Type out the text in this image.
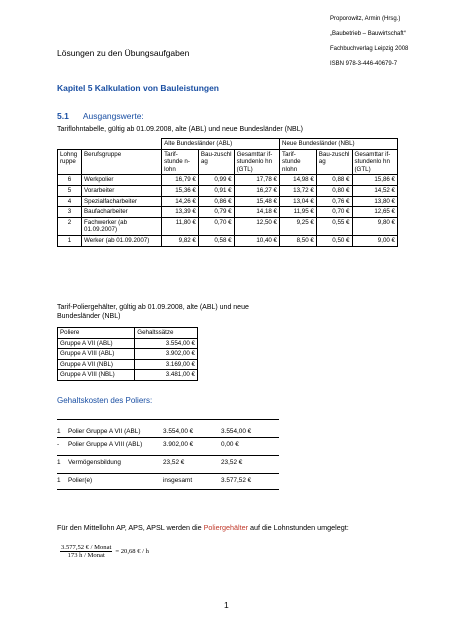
Proporowitz, Armin (Hrsg.)

„Baubetrieb – Bauwirtschaft“

Fachbuchverlag Leipzig 2008

ISBN 978-3-446-40679-7

Lösungen zu den Übungsaufgaben
Kapitel 5 Kalkulation von Bauleistungen
5.1 Ausgangswerte:
Tariflohntabelle, gültig ab 01.09.2008, alte (ABL) und neue Bundesländer (NBL)
		Alte Bundesländer (ABL)			Neue Bundesländer (NBL)		
Lohng ruppe	Berufsgruppe	Tarif-stunde n-lohn	Bau-zuschl ag	Gesamttar if-stundenlo hn (GTL)	Tarif-stunde nlohn	Bau-zuschl ag	Gesamttar if-stundenlo hn (GTL)
6	Werkpolier	16,79 €	0,99 €	17,78 €	14,98 €	0,88 €	15,86 €
5	Vorarbeiter	15,36 €	0,91 €	16,27 €	13,72 €	0,80 €	14,52 €
4	Spezialfacharbeiter	14,26 €	0,86 €	15,48 €	13,04 €	0,76 €	13,80 €
3	Baufacharbeiter	13,39 €	0,79 €	14,18 €	11,95 €	0,70 €	12,65 €
2	Fachwerker (ab 01.09.2007)	11,80 €	0,70 €	12,50 €	9,25 €	0,55 €	9,80 €
1	Werker (ab 01.09.2007)	9,82 €	0,58 €	10,40 €	8,50 €	0,50 €	9,00 €
Tarif-Poliergehälter, gültig ab 01.09.2008, alte (ABL) und neue Bundesländer (NBL)
Poliere	Gehaltssätze
Gruppe A VII (ABL)	3.554,00 €
Gruppe A VIII (ABL)	3.902,00 €
Gruppe A VII (NBL)	3.169,00 €
Gruppe A VIII (NBL)	3.481,00 €
Gehaltskosten des Poliers:
1 Polier Gruppe A VII (ABL)	3.554,00 €	3.554,00 €
- Polier Gruppe A VIII (ABL)	3.902,00 €	0,00 €
1 Vermögensbildung	23,52 €	23,52 €
1 Polier(e)	insgesamt	3.577,52 €
Für den Mittellohn AP, APS, APSL werden die Poliergehälter auf die Lohnstunden umgelegt:
$\frac{\text{3.577,52 € / Monat}}{\text{173 h / Monat}} = 20,68$ € / h
1
